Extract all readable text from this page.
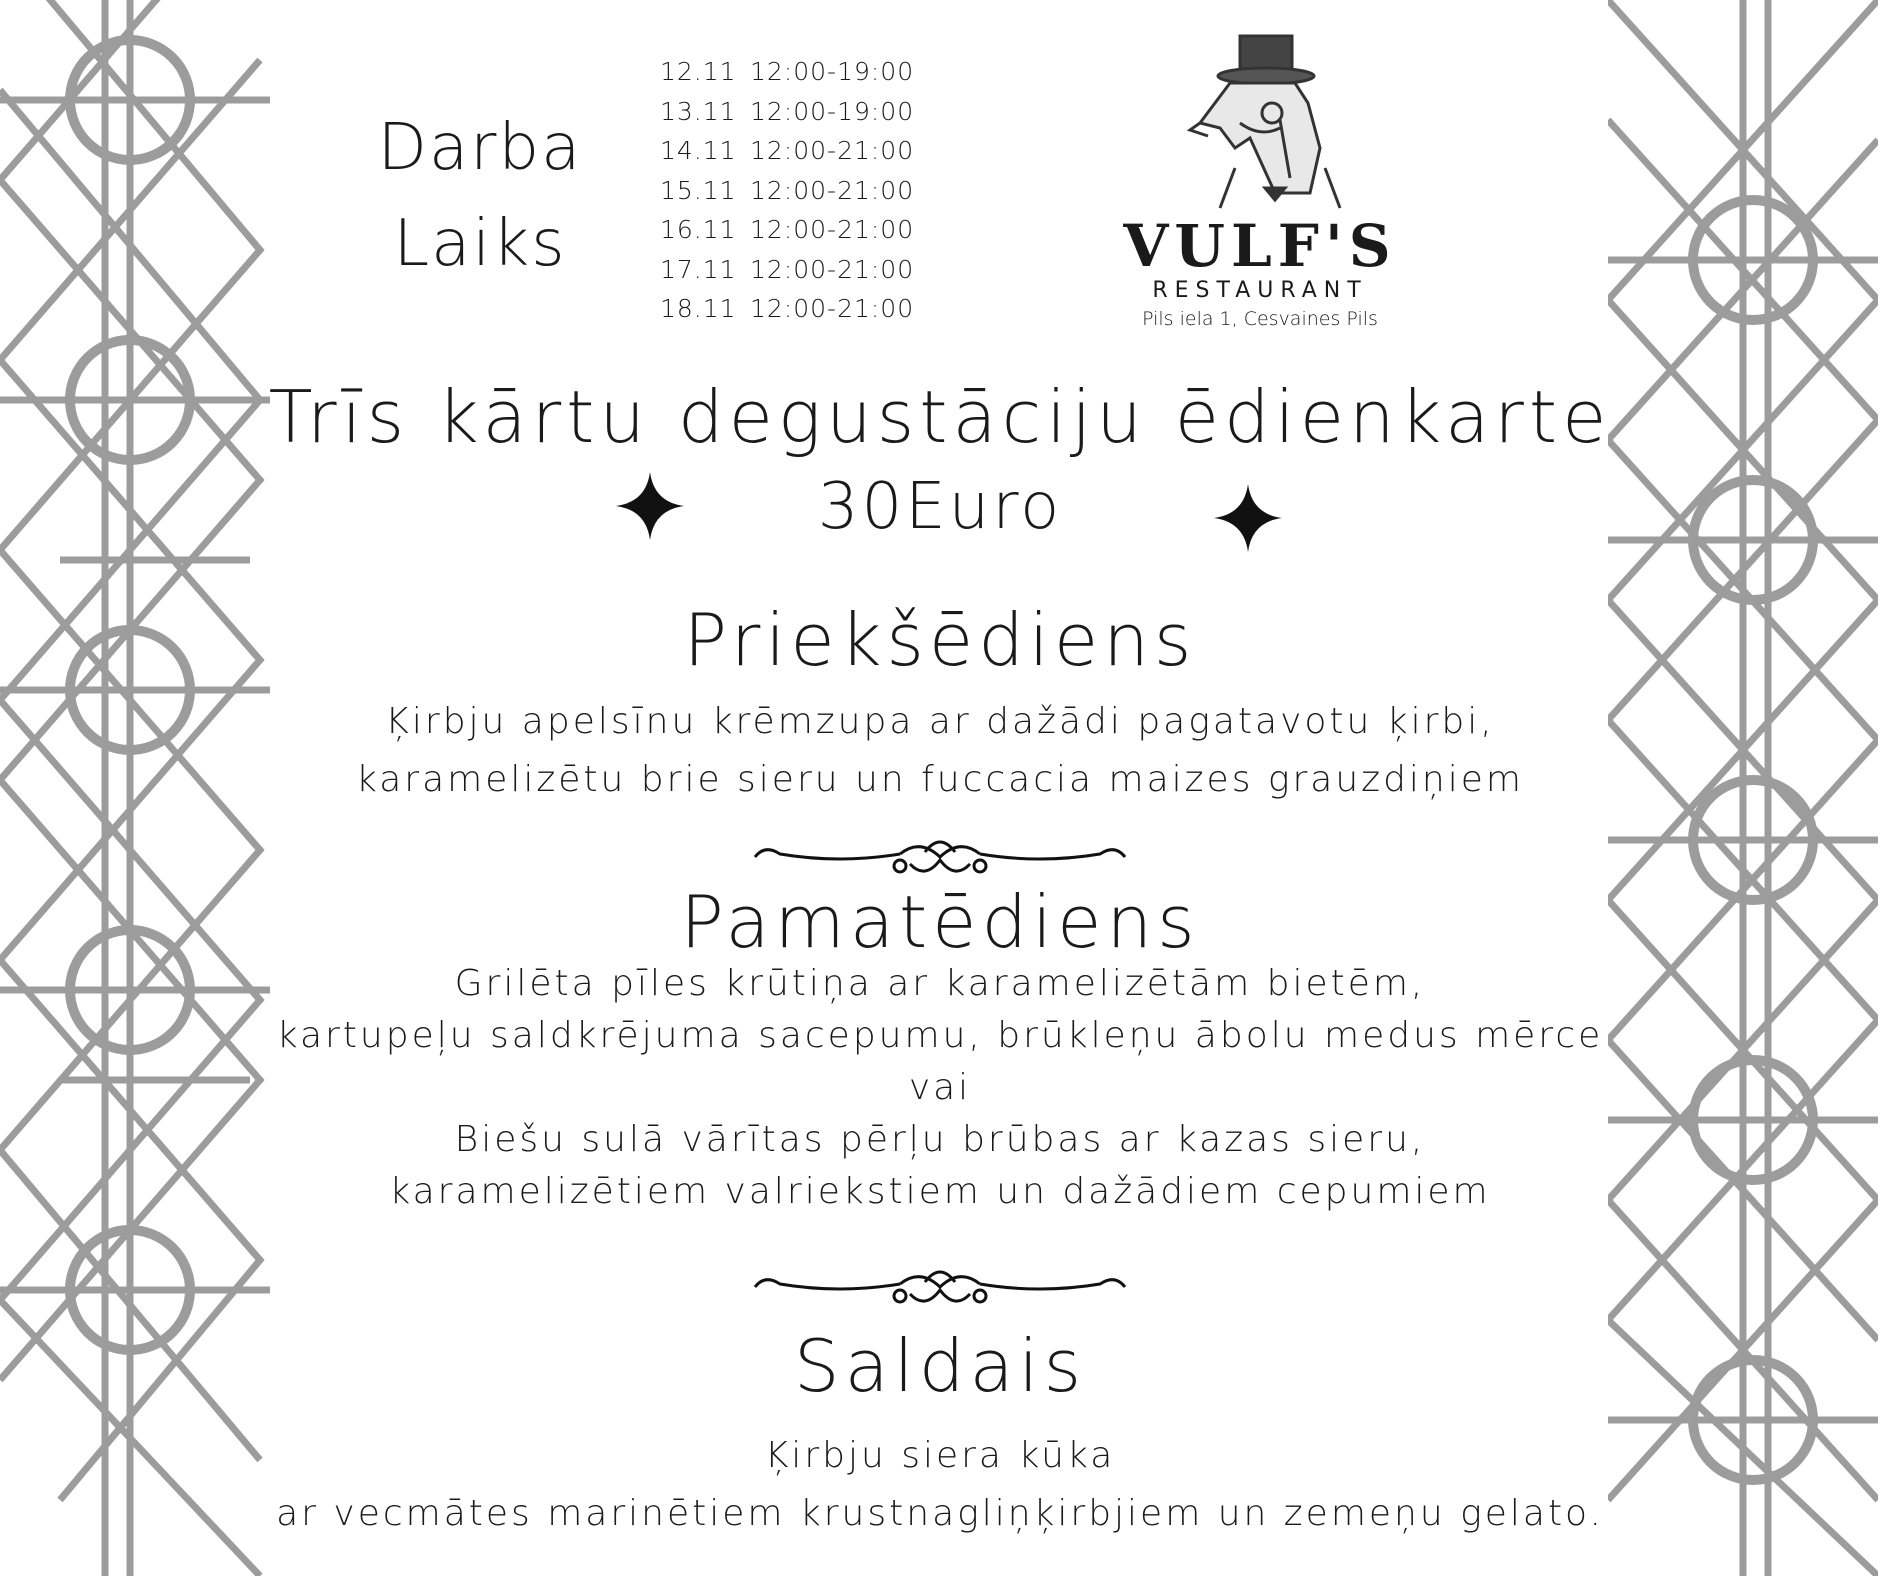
Darba
Laiks
12.11 12:00-19:00
13.11 12:00-19:00
14.11 12:00-21:00
15.11 12:00-21:00
16.11 12:00-21:00
17.11 12:00-21:00
18.11 12:00-21:00
VULF'S
RESTAURANT
Pils iela 1, Cesvaines Pils
Trīs kārtu degustāciju ēdienkarte
30Euro
Priekšēdiens
Ķirbju apelsīnu krēmzupa ar dažādi pagatavotu ķirbi,
karamelizētu brie sieru un fuccacia maizes grauzdiņiem
Pamatēdiens
Grilēta pīles krūtiņa ar karamelizētām bietēm,
kartupeļu saldkrējuma sacepumu, brūkleņu ābolu medus mērce
vai
Biešu sulā vārītas pērļu brūbas ar kazas sieru,
karamelizētiem valriekstiem un dažādiem cepumiem
Saldais
Ķirbju siera kūka
ar vecmātes marinētiem krustnagliņķirbjiem un zemeņu gelato.
